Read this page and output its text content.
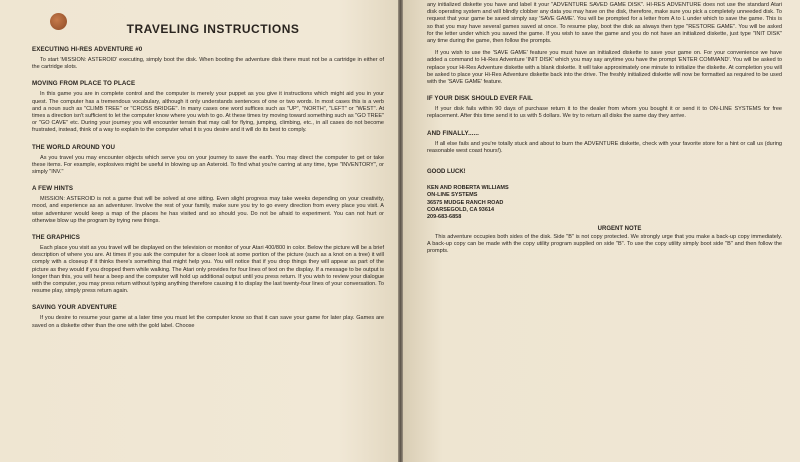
TRAVELING INSTRUCTIONS
EXECUTING HI-RES ADVENTURE #0

To start 'MISSION: ASTEROID' executing, simply boot the disk. When booting the adventure disk there must not be a cartridge in either of the cartridge slots.

MOVING FROM PLACE TO PLACE

In this game you are in complete control and the computer is merely your puppet as you give it instructions which might aid you in your quest. The computer has a tremendous vocabulary, although it only understands sentences of one or two words. In most cases this is a verb and a noun such as "CLIMB TREE" or "CROSS BRIDGE". In many cases one word suffices such as "UP", "NORTH", "LEFT" or "WEST". At times a direction isn't sufficient to let the computer know where you wish to go. At these times try moving toward something such as "GO TREE" or "GO CAVE" etc. During your journey you will encounter terrain that may call for flying, jumping, climbing, etc., in all cases do not become frustrated, instead, think of a way to explain to the computer what it is you desire and it will do its best to comply.

THE WORLD AROUND YOU

As you travel you may encounter objects which serve you on your journey to save the earth. You may direct the computer to get or take these items. For example, explosives might be useful in blowing up an Asteroid. To find what you're carring at any time, type "INVENTORY", or simply "INV."

A FEW HINTS

MISSION: ASTEROID is not a game that will be solved at one sitting. Even slight progress may take weeks depending on your creativity, mood, and experience as an adventurer. Involve the rest of your family, make sure you try to go every direction from every place you visit. A wise adventurer would keep a map of the places he has visited and so should you. Do not be afraid to experiment. You can not hurt or otherwise blow up the program by trying new things.

THE GRAPHICS

Each place you visit as you travel will be displayed on the television or monitor of your Atari 400/800 in color. Below the picture will be a brief description of where you are. At times if you ask the computer for a closer look at some portion of the picture (such as a knot on a tree) it will comply with a closeup if it thinks there's something that might help you. You will notice that if you drop things they will appear as part of the picture as they would if you dropped them while walking. The Atari only provides for four lines of text on the display. If a message to be output is longer than this, you will hear a beep and the computer will hold up additional output until you press return. If you wish to review your dialogue with the computer, you may press return without typing anything therefore causing it to display the last twenty-four lines of your conversation. To resume play, simply press return again.

SAVING YOUR ADVENTURE

If you desire to resume your game at a later time you must let the computer know so that it can save your game for later play. Games are saved on a diskette other than the one with the gold label. Choose

any initialized diskette you have and label it your "ADVENTURE SAVED GAME DISK". HI-RES ADVENTURE does not use the standard Atari disk operating system and will blindly clobber any data you may have on the disk, therefore, make sure you pick a completely unneeded disk. To request that your game be saved simply say 'SAVE GAME'. You will be prompted for a letter from A to L under which to save the game. This is so that you may have several games saved at once. To resume play, boot the disk as always then type "RESTORE GAME". You will be asked for the letter under which you saved the game. If you wish to save the game and you do not have an initialized diskette, just type "INIT DISK" any time during the game, then follow the prompts.

If you wish to use the 'SAVE GAME' feature you must have an initialized diskette to save your game on. For your convenience we have added a command to Hi-Res Adventure 'INIT DISK' which you may say anytime you have the prompt 'ENTER COMMAND'. You will be asked to replace your Hi-Res Adventure diskette with a blank diskette. It will take approximately one minute to initialize the diskette. At completion you will be asked to place your Hi-Res Adventure diskette back into the drive. The freshly initialized diskette will now be formatted as required to be used with the 'SAVE GAME' feature.

IF YOUR DISK SHOULD EVER FAIL

If your disk fails within 90 days of purchase return it to the dealer from whom you bought it or send it to ON-LINE SYSTEMS for free replacement. After this time send it to us with 5 dollars. We try to return all disks the same day they arrive.

AND FINALLY......

If all else fails and you're totally stuck and about to burn the ADVENTURE diskette, check with your favorite store for a hint or call us (during reasonable west coast hours!).

GOOD LUCK!
KEN AND ROBERTA WILLIAMS
ON-LINE SYSTEMS
36575 MUDGE RANCH ROAD
COARSEGOLD, CA 93614
209-683-6858
URGENT NOTE

This adventure occupies both sides of the disk. Side "B" is not copy protected. We strongly urge that you make a back-up copy immediately. A back-up copy can be made with the copy utility program supplied on side "B". To use the copy utility simply boot side "B" and then follow the prompts.
